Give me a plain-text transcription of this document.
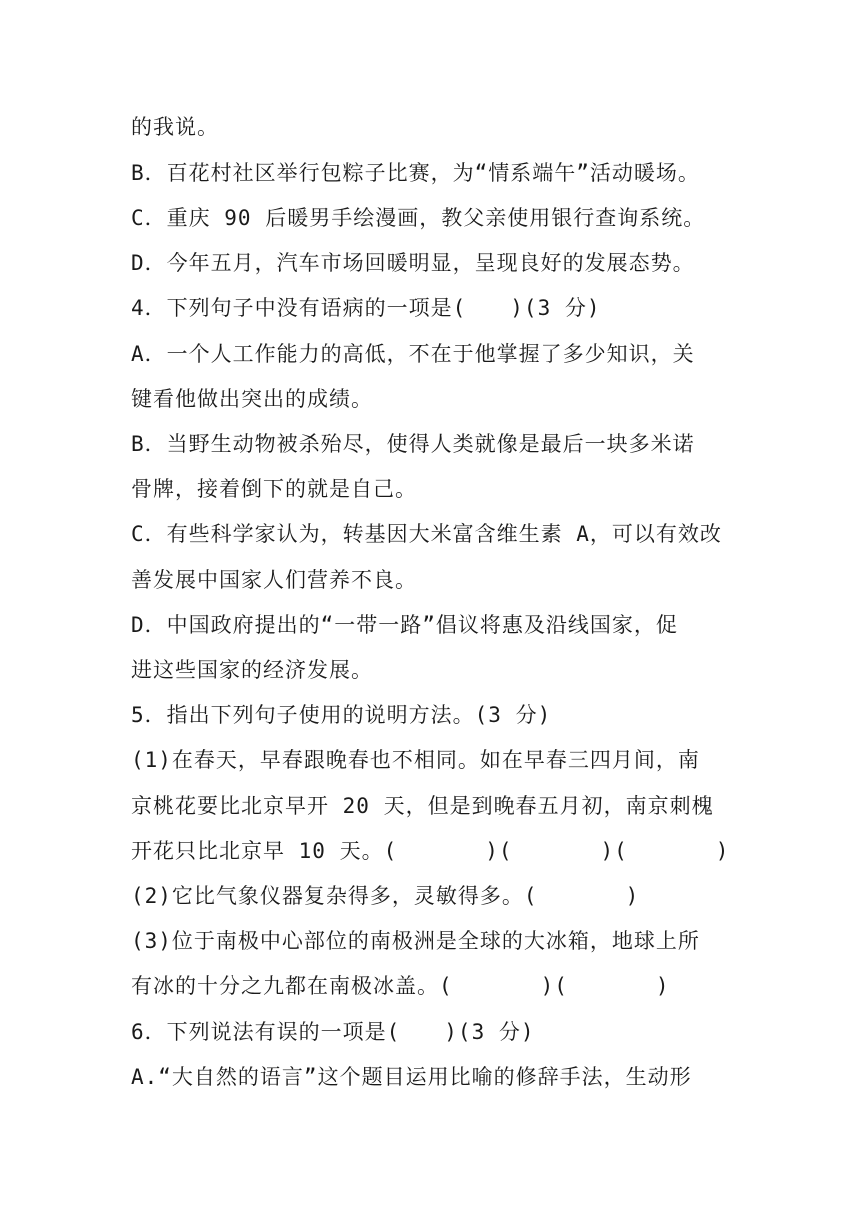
的我说。
B．百花村社区举行包粽子比赛，为“情系端午”活动暖场。
C．重庆 90 后暖男手绘漫画，教父亲使用银行查询系统。
D．今年五月，汽车市场回暖明显，呈现良好的发展态势。
4．下列句子中没有语病的一项是(　　)(3 分)
A．一个人工作能力的高低，不在于他掌握了多少知识，关
键看他做出突出的成绩。
B．当野生动物被杀殆尽，使得人类就像是最后一块多米诺
骨牌，接着倒下的就是自己。
C．有些科学家认为，转基因大米富含维生素 A，可以有效改
善发展中国家人们营养不良。
D．中国政府提出的“一带一路”倡议将惠及沿线国家，促
进这些国家的经济发展。
5．指出下列句子使用的说明方法。(3 分)
(1)在春天，早春跟晚春也不相同。如在早春三四月间，南
京桃花要比北京早开 20 天，但是到晚春五月初，南京刺槐
开花只比北京早 10 天。(　　　　)(　　　　)(　　　　)
(2)它比气象仪器复杂得多，灵敏得多。(　　　　)
(3)位于南极中心部位的南极洲是全球的大冰箱，地球上所
有冰的十分之九都在南极冰盖。(　　　　)(　　　　)
6．下列说法有误的一项是(　　)(3 分)
A.“大自然的语言”这个题目运用比喻的修辞手法，生动形
